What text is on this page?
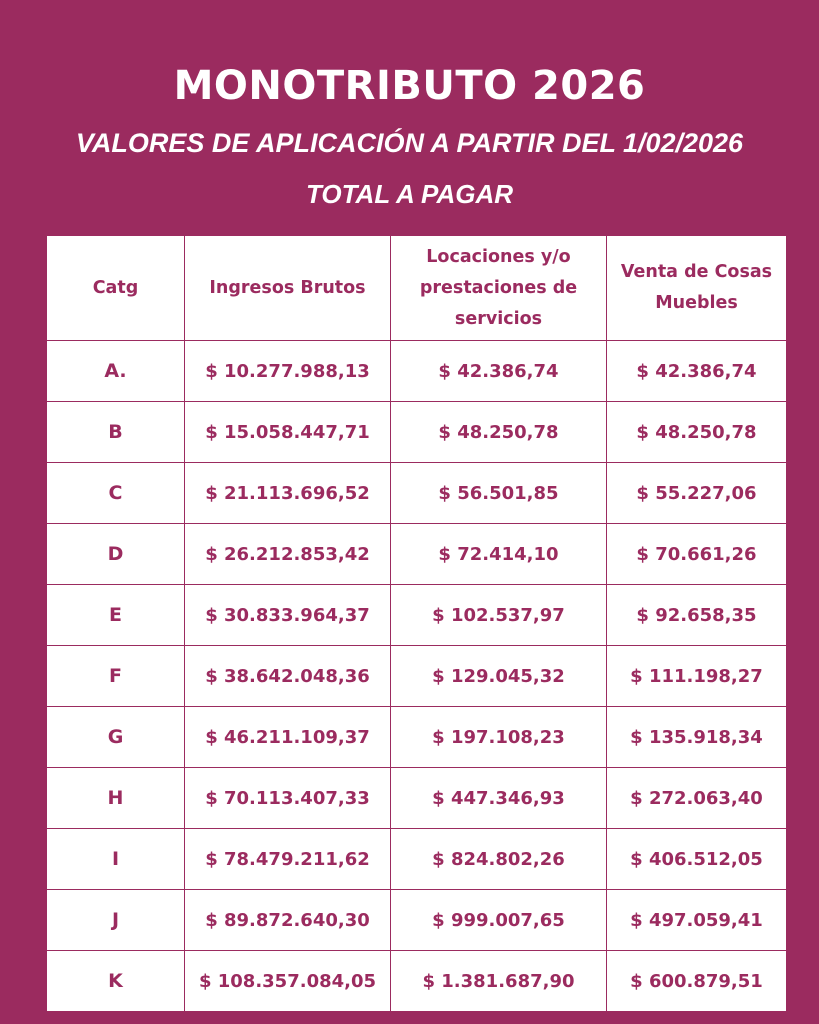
MONOTRIBUTO 2026
VALORES DE APLICACIÓN A PARTIR DEL 1/02/2026
TOTAL A PAGAR
Catg	Ingresos Brutos	Locaciones y/o prestaciones de servicios	Venta de Cosas Muebles
A.	$ 10.277.988,13	$ 42.386,74	$ 42.386,74
B	$ 15.058.447,71	$ 48.250,78	$ 48.250,78
C	$ 21.113.696,52	$ 56.501,85	$ 55.227,06
D	$ 26.212.853,42	$ 72.414,10	$ 70.661,26
E	$ 30.833.964,37	$ 102.537,97	$ 92.658,35
F	$ 38.642.048,36	$ 129.045,32	$ 111.198,27
G	$ 46.211.109,37	$ 197.108,23	$ 135.918,34
H	$ 70.113.407,33	$ 447.346,93	$ 272.063,40
I	$ 78.479.211,62	$ 824.802,26	$ 406.512,05
J	$ 89.872.640,30	$ 999.007,65	$ 497.059,41
K	$ 108.357.084,05	$ 1.381.687,90	$ 600.879,51
